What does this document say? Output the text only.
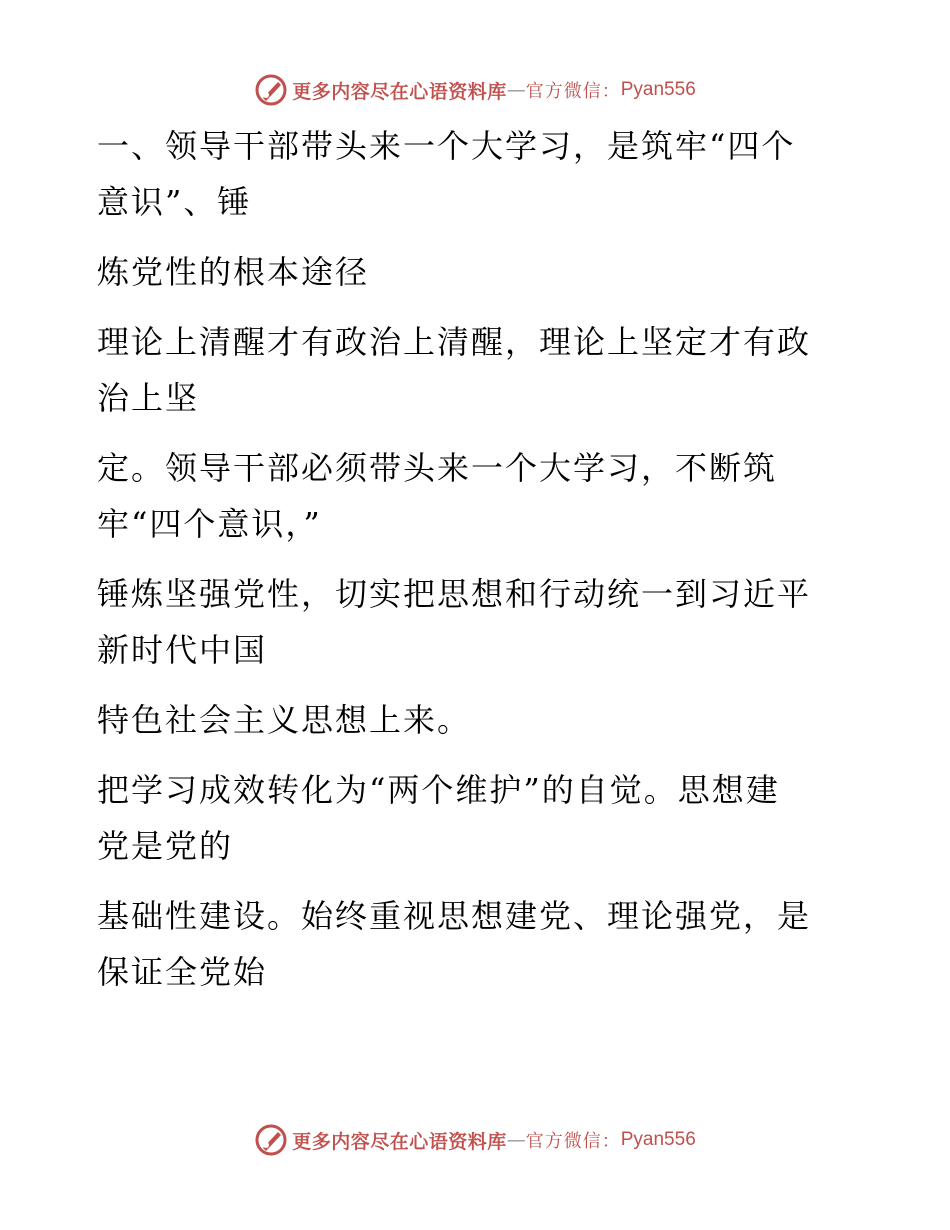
更多内容尽在心语资料库 — 官方微信： Pyan556
一、领导干部带头来一个大学习，是筑牢“四个
意识”、锤
炼党性的根本途径
理论上清醒才有政治上清醒，理论上坚定才有政
治上坚
定。领导干部必须带头来一个大学习，不断筑
牢“四个意识，”
锤炼坚强党性，切实把思想和行动统一到习近平
新时代中国
特色社会主义思想上来。
把学习成效转化为“两个维护”的自觉。思想建
党是党的
基础性建设。始终重视思想建党、理论强党，是
保证全党始
更多内容尽在心语资料库 — 官方微信： Pyan556
